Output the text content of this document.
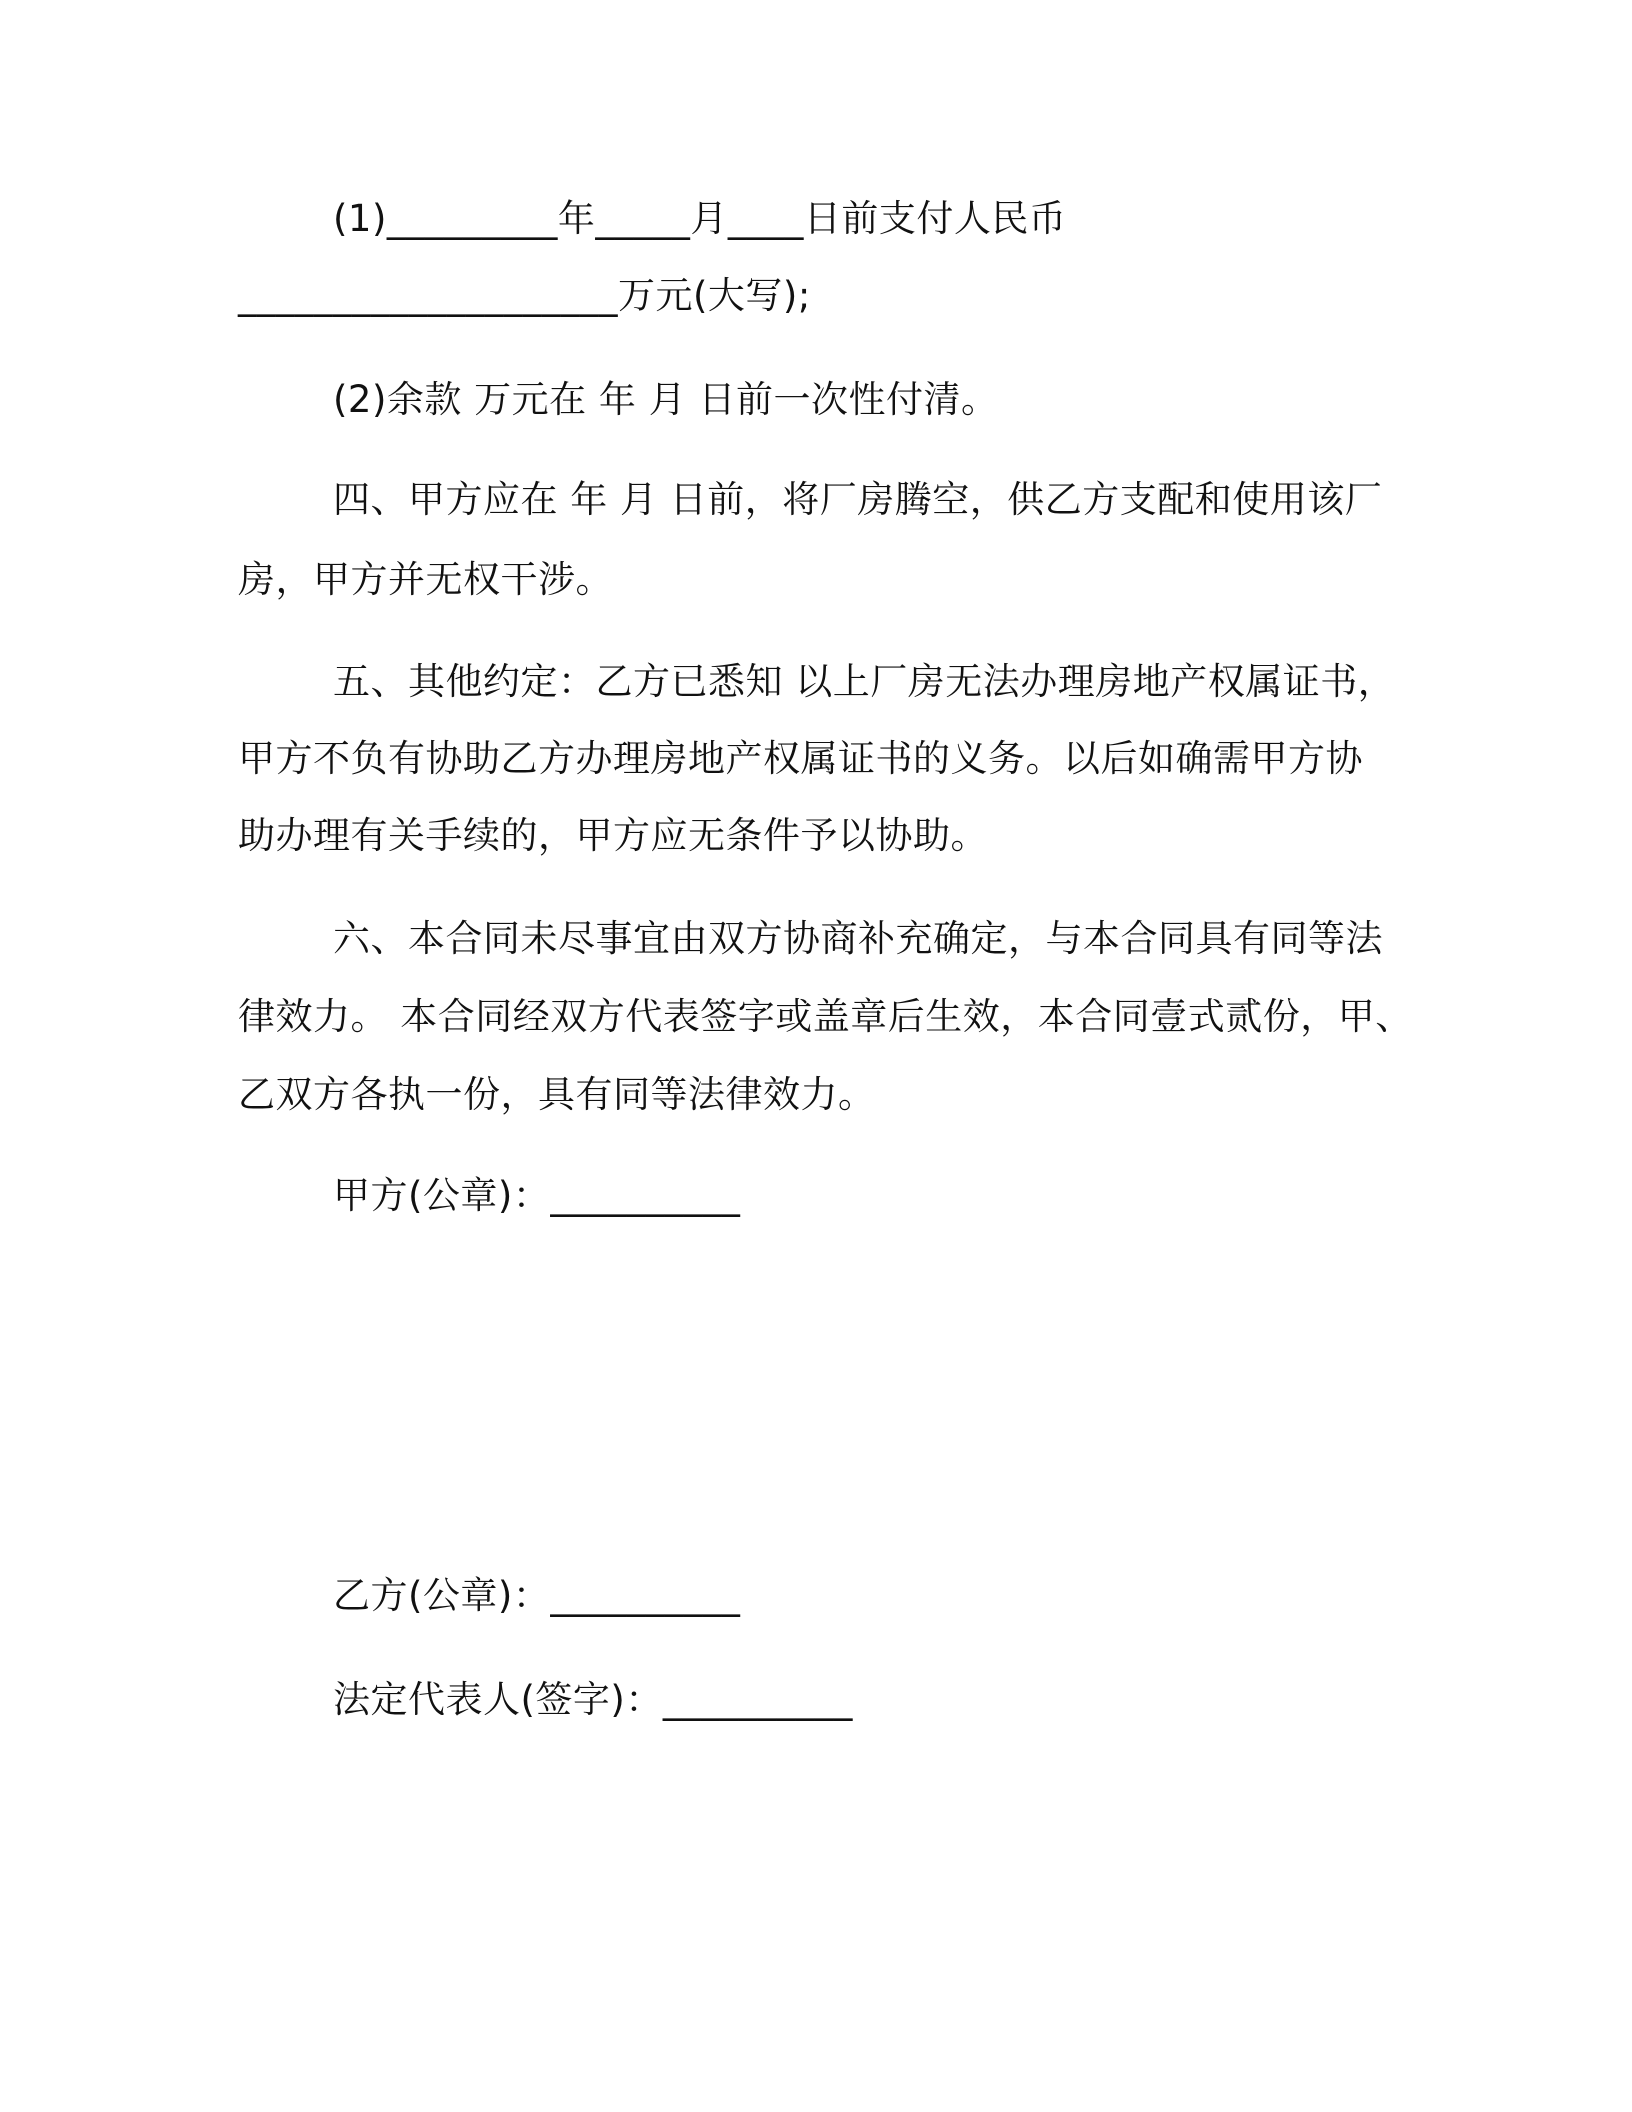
(1)_________年_____月____日前支付人民币
____________________万元(大写);
(2)余款 万元在 年 月 日前一次性付清。
四、甲方应在 年 月 日前，将厂房腾空，供乙方支配和使用该厂
房，甲方并无权干涉。
五、其他约定：乙方已悉知 以上厂房无法办理房地产权属证书，
甲方不负有协助乙方办理房地产权属证书的义务。以后如确需甲方协
助办理有关手续的，甲方应无条件予以协助。
六、本合同未尽事宜由双方协商补充确定，与本合同具有同等法
律效力。 本合同经双方代表签字或盖章后生效，本合同壹式贰份，甲、
乙双方各执一份，具有同等法律效力。
甲方(公章)：__________
乙方(公章)：__________
法定代表人(签字)：__________
